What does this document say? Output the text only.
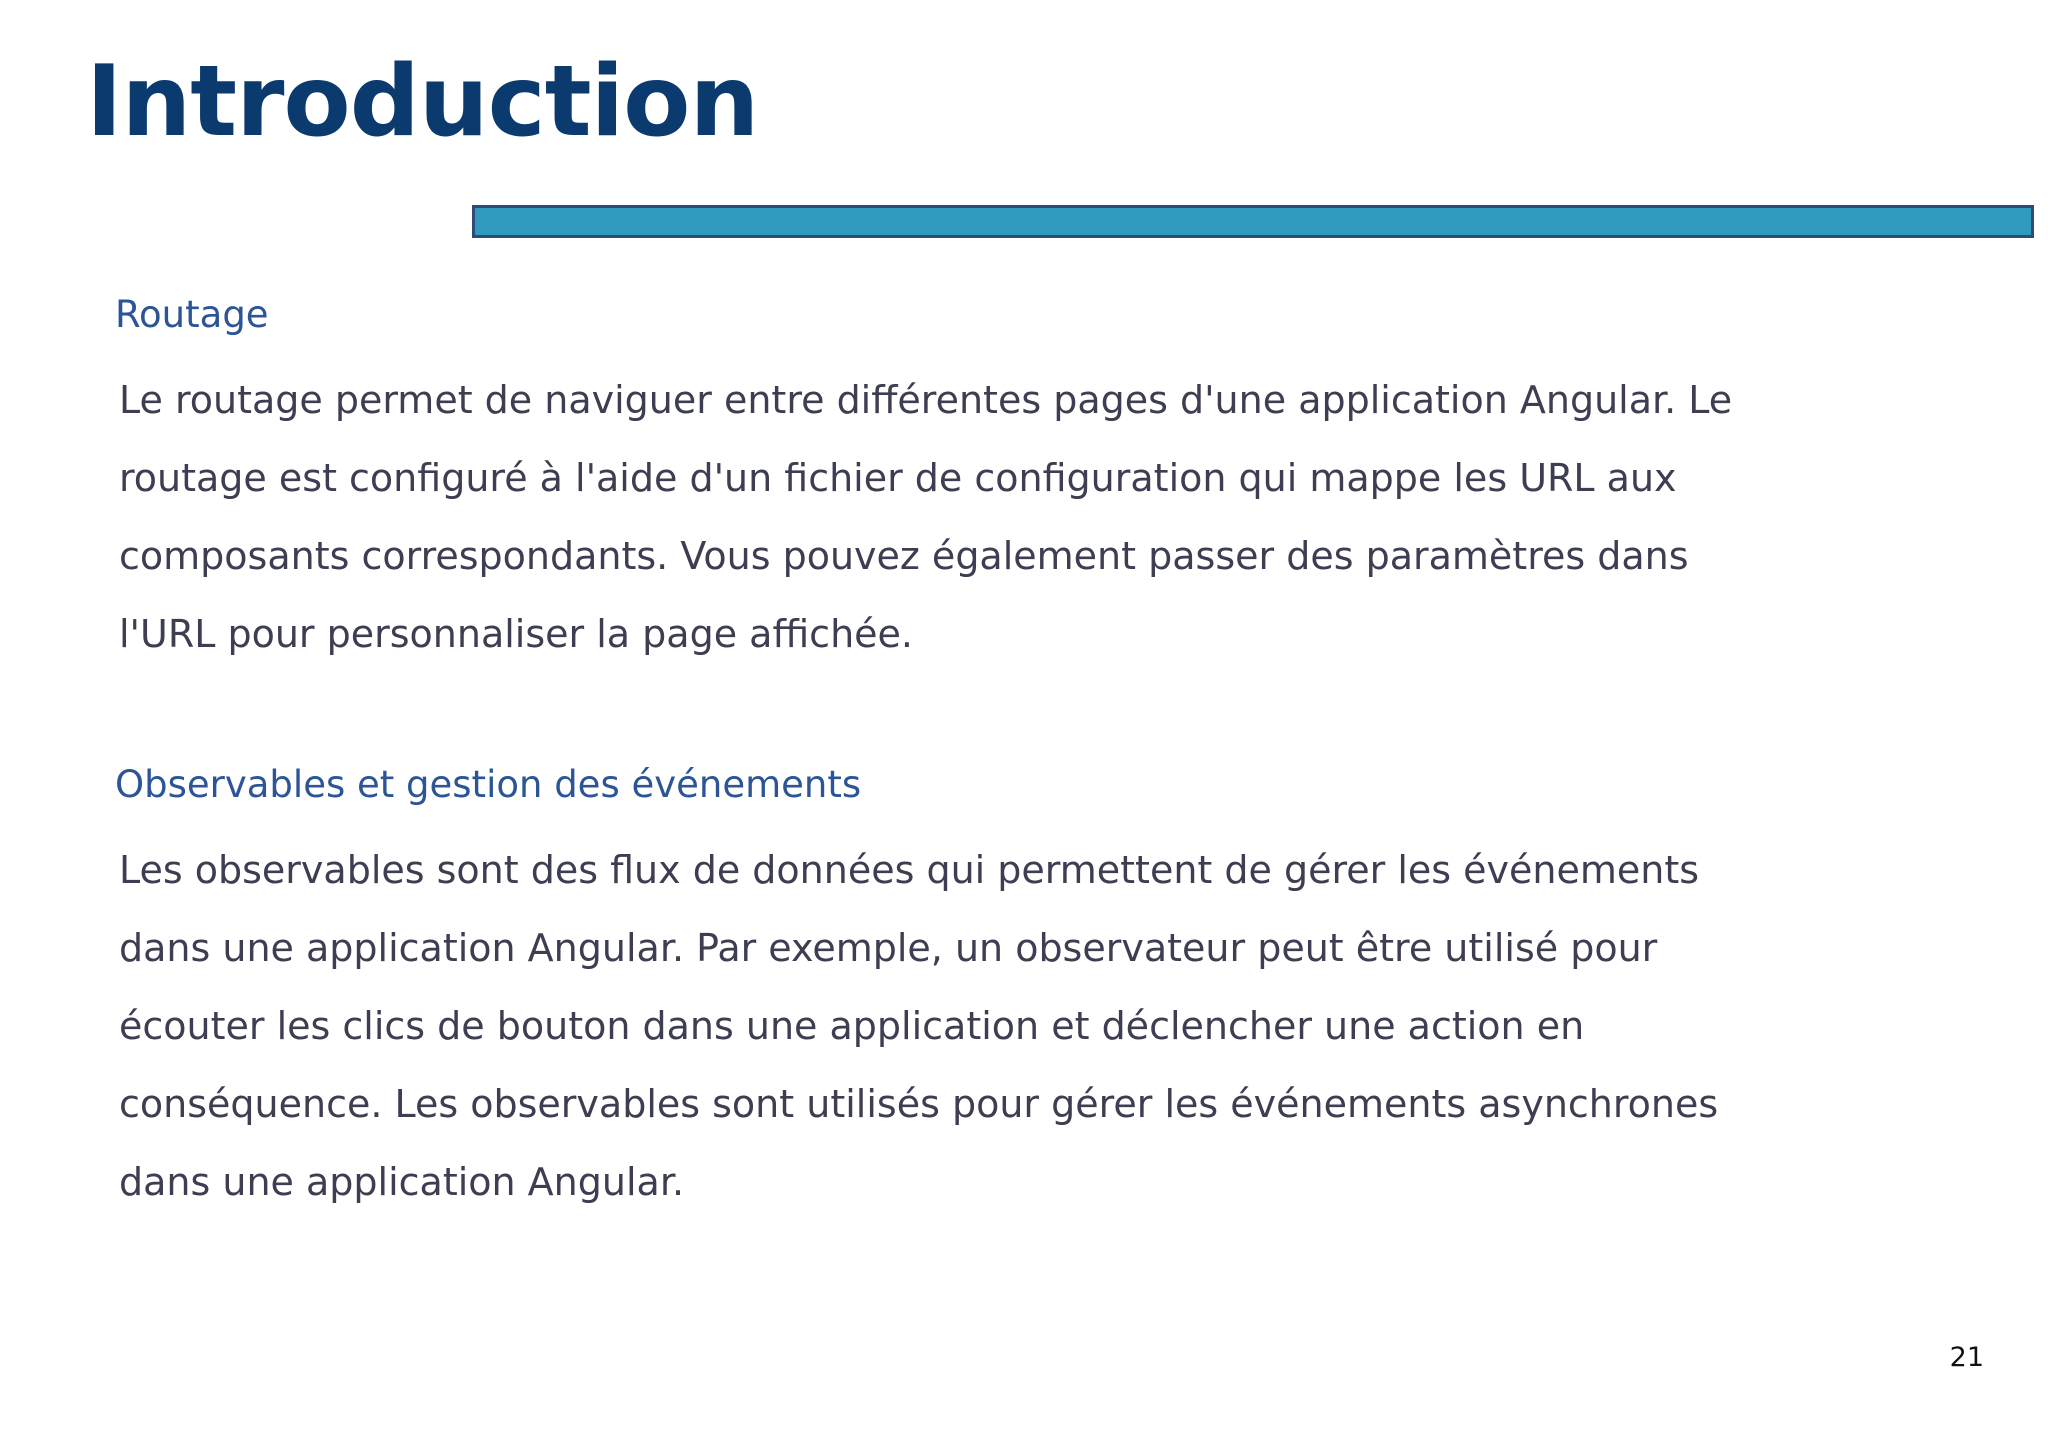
Introduction
Routage
Le routage permet de naviguer entre différentes pages d'une application Angular. Le
routage est configuré à l'aide d'un fichier de configuration qui mappe les URL aux
composants correspondants. Vous pouvez également passer des paramètres dans
l'URL pour personnaliser la page affichée.
Observables et gestion des événements
Les observables sont des flux de données qui permettent de gérer les événements
dans une application Angular. Par exemple, un observateur peut être utilisé pour
écouter les clics de bouton dans une application et déclencher une action en
conséquence. Les observables sont utilisés pour gérer les événements asynchrones
dans une application Angular.
21
